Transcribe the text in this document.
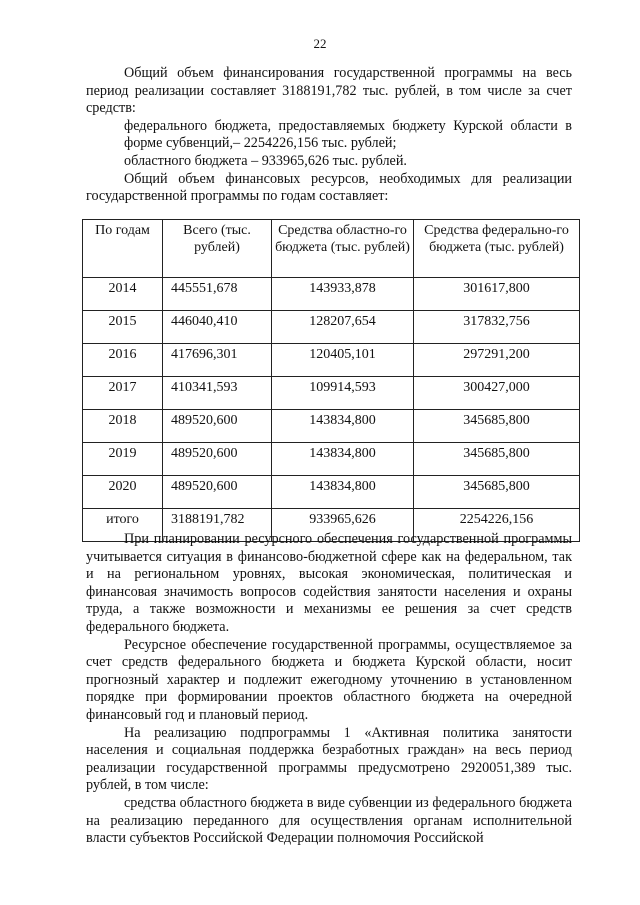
22

Общий объем финансирования государственной программы на весь период реализации составляет 3188191,782 тыс. рублей, в том числе за счет средств:

федерального бюджета, предоставляемых бюджету Курской области в форме субвенций,– 2254226,156 тыс. рублей;

областного бюджета – 933965,626 тыс. рублей.

Общий объем финансовых ресурсов, необходимых для реализации государственной программы по годам составляет:

По годам	Всего (тыс. рублей)	Средства областно-го бюджета (тыс. рублей)	Средства федерально-го бюджета (тыс. рублей)
2014	445551,678	143933,878	301617,800
2015	446040,410	128207,654	317832,756
2016	417696,301	120405,101	297291,200
2017	410341,593	109914,593	300427,000
2018	489520,600	143834,800	345685,800
2019	489520,600	143834,800	345685,800
2020	489520,600	143834,800	345685,800
итого	3188191,782	933965,626	2254226,156

При планировании ресурсного обеспечения государственной программы учитывается ситуация в финансово-бюджетной сфере как на федеральном, так и на региональном уровнях, высокая экономическая, политическая и финансовая значимость вопросов содействия занятости населения и охраны труда, а также возможности и механизмы ее решения за счет средств федерального бюджета.

Ресурсное обеспечение государственной программы, осуществляемое за счет средств федерального бюджета и бюджета Курской области, носит прогнозный характер и подлежит ежегодному уточнению в установленном порядке при формировании проектов областного бюджета на очередной финансовый год и плановый период.

На реализацию подпрограммы 1 «Активная политика занятости населения и социальная поддержка безработных граждан» на весь период реализации государственной программы предусмотрено 2920051,389 тыс. рублей, в том числе:

средства областного бюджета в виде субвенции из федерального бюджета на реализацию переданного для осуществления органам исполнительной власти субъектов Российской Федерации полномочия Российской
